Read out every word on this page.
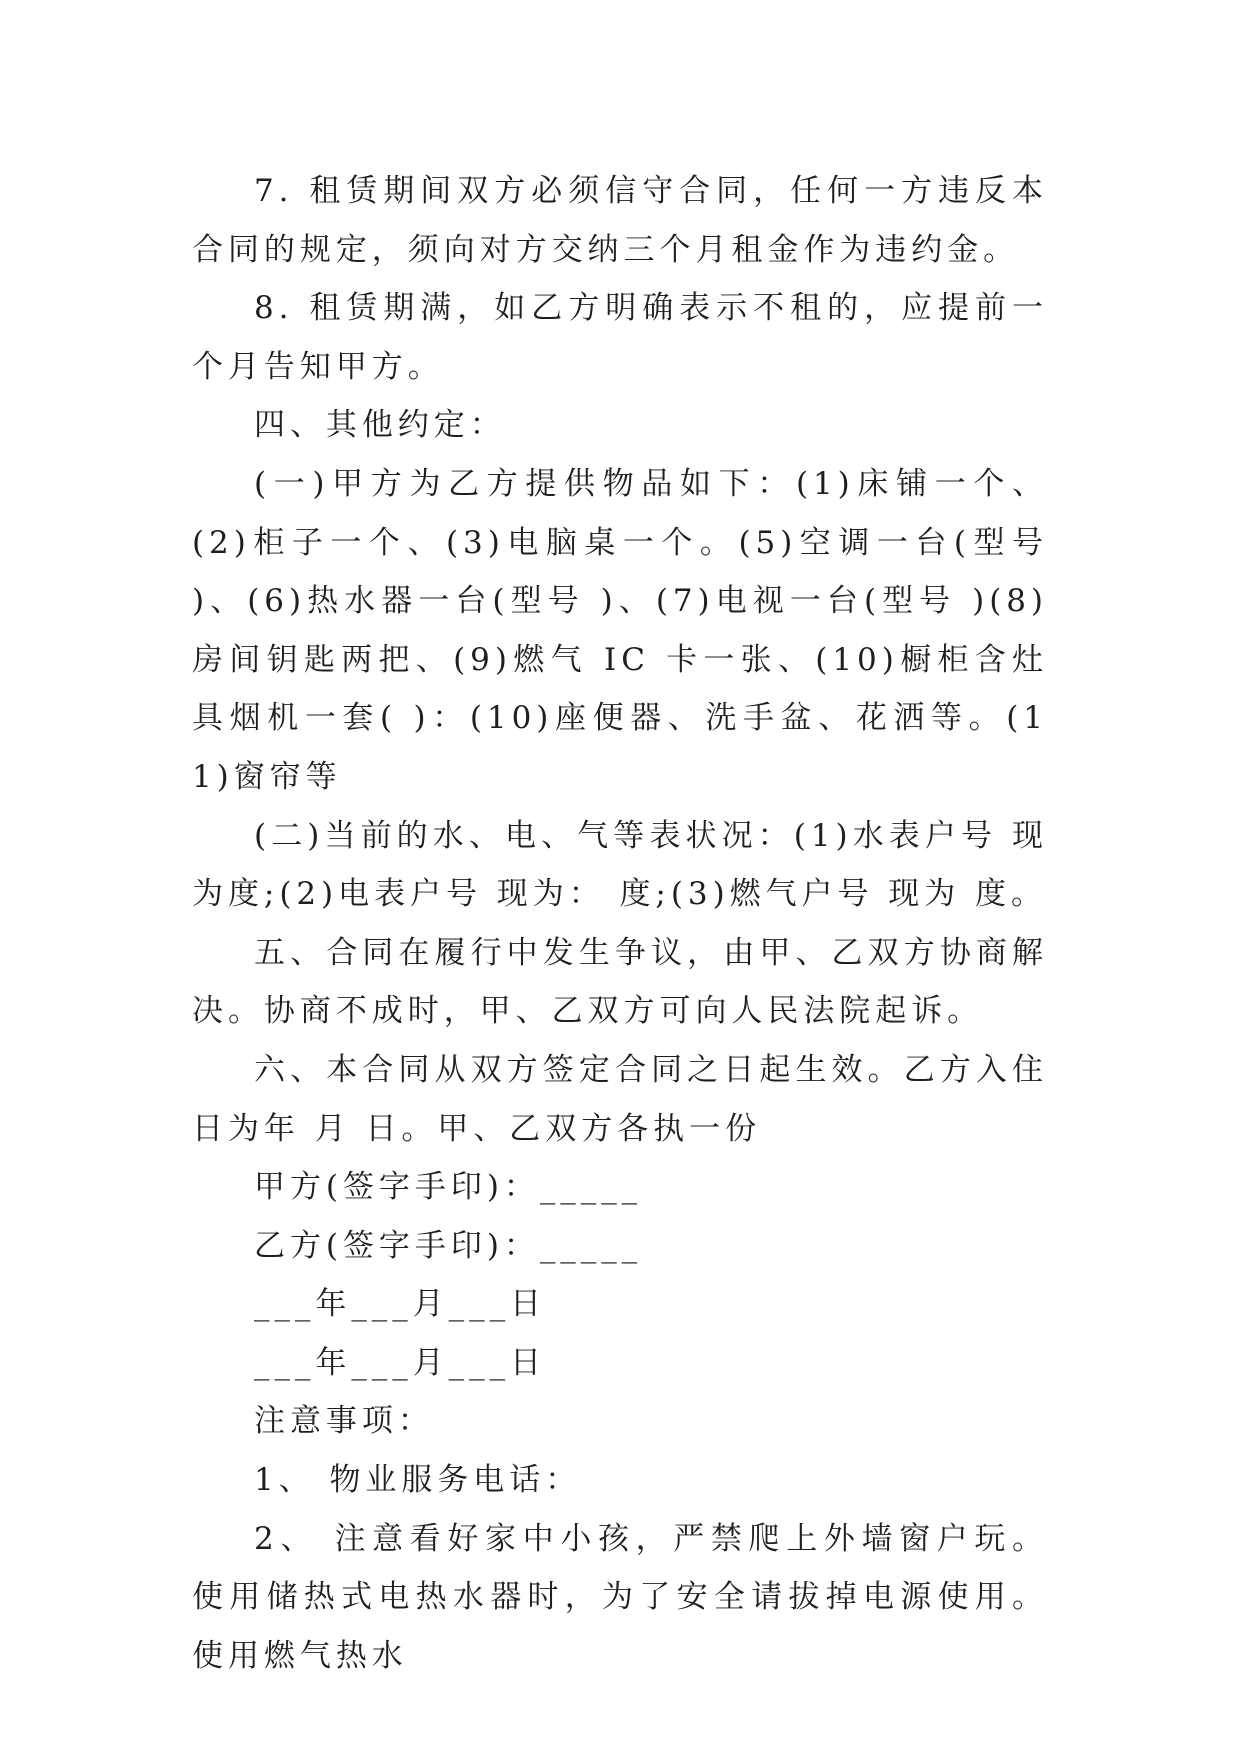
7. 租赁期间双方必须信守合同，任何一方违反本合同的规定，须向对方交纳三个月租金作为违约金。

8. 租赁期满，如乙方明确表示不租的，应提前一个月告知甲方。

四、其他约定：

(一)甲方为乙方提供物品如下：(1)床铺一个、(2)柜子一个、(3)电脑桌一个。(5)空调一台(型号 )、(6)热水器一台(型号 )、(7)电视一台(型号 )(8)房间钥匙两把、(9)燃气 IC 卡一张、(10)橱柜含灶具烟机一套( )：(10)座便器、洗手盆、花洒等。(11)窗帘等

(二)当前的水、电、气等表状况：(1)水表户号 现为度;(2)电表户号 现为： 度;(3)燃气户号 现为 度。

五、合同在履行中发生争议，由甲、乙双方协商解决。协商不成时，甲、乙双方可向人民法院起诉。

六、本合同从双方签定合同之日起生效。乙方入住日为年 月 日。甲、乙双方各执一份

甲方(签字手印)：_____

乙方(签字手印)：_____

___年___月___日

___年___月___日

注意事项：

1、 物业服务电话：

2、 注意看好家中小孩，严禁爬上外墙窗户玩。使用储热式电热水器时，为了安全请拔掉电源使用。使用燃气热水
